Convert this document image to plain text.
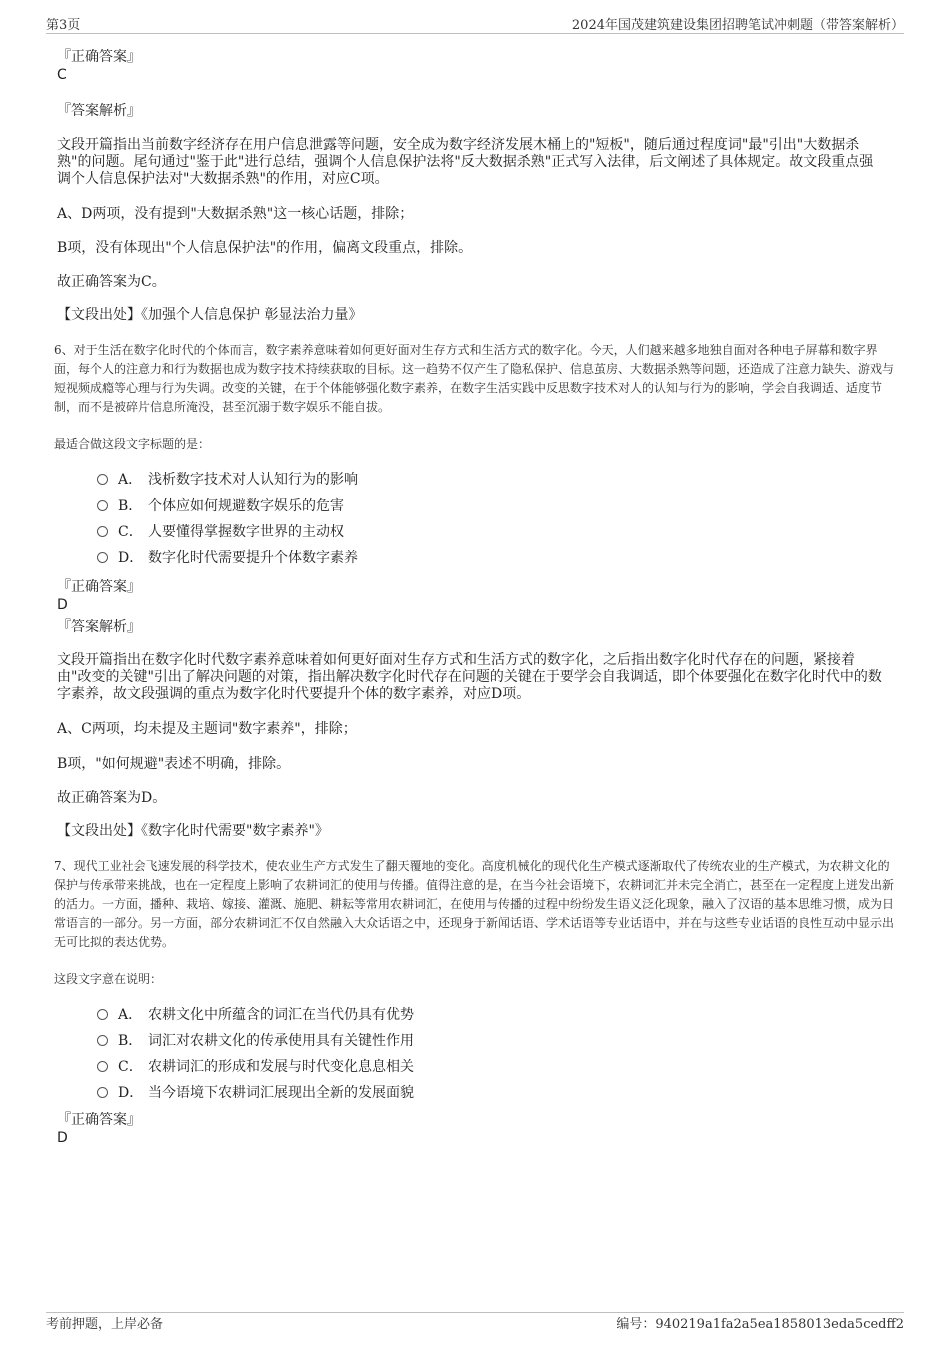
第3页	2024年国茂建筑建设集团招聘笔试冲刺题（带答案解析）
『正确答案』
C
『答案解析』
文段开篇指出当前数字经济存在用户信息泄露等问题，安全成为数字经济发展木桶上的"短板"，随后通过程度词"最"引出"大数据杀熟"的问题。尾句通过"鉴于此"进行总结，强调个人信息保护法将"反大数据杀熟"正式写入法律，后文阐述了具体规定。故文段重点强调个人信息保护法对"大数据杀熟"的作用，对应C项。
A、D两项，没有提到"大数据杀熟"这一核心话题，排除；
B项，没有体现出"个人信息保护法"的作用，偏离文段重点，排除。
故正确答案为C。
【文段出处】《加强个人信息保护 彰显法治力量》
6、对于生活在数字化时代的个体而言，数字素养意味着如何更好面对生存方式和生活方式的数字化。今天，人们越来越多地独自面对各种电子屏幕和数字界面，每个人的注意力和行为数据也成为数字技术持续获取的目标。这一趋势不仅产生了隐私保护、信息茧房、大数据杀熟等问题，还造成了注意力缺失、游戏与短视频成瘾等心理与行为失调。改变的关键，在于个体能够强化数字素养，在数字生活实践中反思数字技术对人的认知与行为的影响，学会自我调适、适度节制，而不是被碎片信息所淹没，甚至沉溺于数字娱乐不能自拔。
最适合做这段文字标题的是：
A． 浅析数字技术对人认知行为的影响
B． 个体应如何规避数字娱乐的危害
C． 人要懂得掌握数字世界的主动权
D． 数字化时代需要提升个体数字素养
『正确答案』
D
『答案解析』
文段开篇指出在数字化时代数字素养意味着如何更好面对生存方式和生活方式的数字化，之后指出数字化时代存在的问题，紧接着由"改变的关键"引出了解决问题的对策，指出解决数字化时代存在问题的关键在于要学会自我调适，即个体要强化在数字化时代中的数字素养，故文段强调的重点为数字化时代要提升个体的数字素养，对应D项。
A、C两项，均未提及主题词"数字素养"，排除；
B项，"如何规避"表述不明确，排除。
故正确答案为D。
【文段出处】《数字化时代需要"数字素养"》
7、现代工业社会飞速发展的科学技术，使农业生产方式发生了翻天覆地的变化。高度机械化的现代化生产模式逐渐取代了传统农业的生产模式，为农耕文化的保护与传承带来挑战，也在一定程度上影响了农耕词汇的使用与传播。值得注意的是，在当今社会语境下，农耕词汇并未完全消亡，甚至在一定程度上迸发出新的活力。一方面，播种、栽培、嫁接、灌溉、施肥、耕耘等常用农耕词汇，在使用与传播的过程中纷纷发生语义泛化现象，融入了汉语的基本思维习惯，成为日常语言的一部分。另一方面，部分农耕词汇不仅自然融入大众话语之中，还现身于新闻话语、学术话语等专业话语中，并在与这些专业话语的良性互动中显示出无可比拟的表达优势。
这段文字意在说明：
A． 农耕文化中所蕴含的词汇在当代仍具有优势
B． 词汇对农耕文化的传承使用具有关键性作用
C． 农耕词汇的形成和发展与时代变化息息相关
D． 当今语境下农耕词汇展现出全新的发展面貌
『正确答案』
D
考前押题，上岸必备	编号：940219a1fa2a5ea1858013eda5cedff2
